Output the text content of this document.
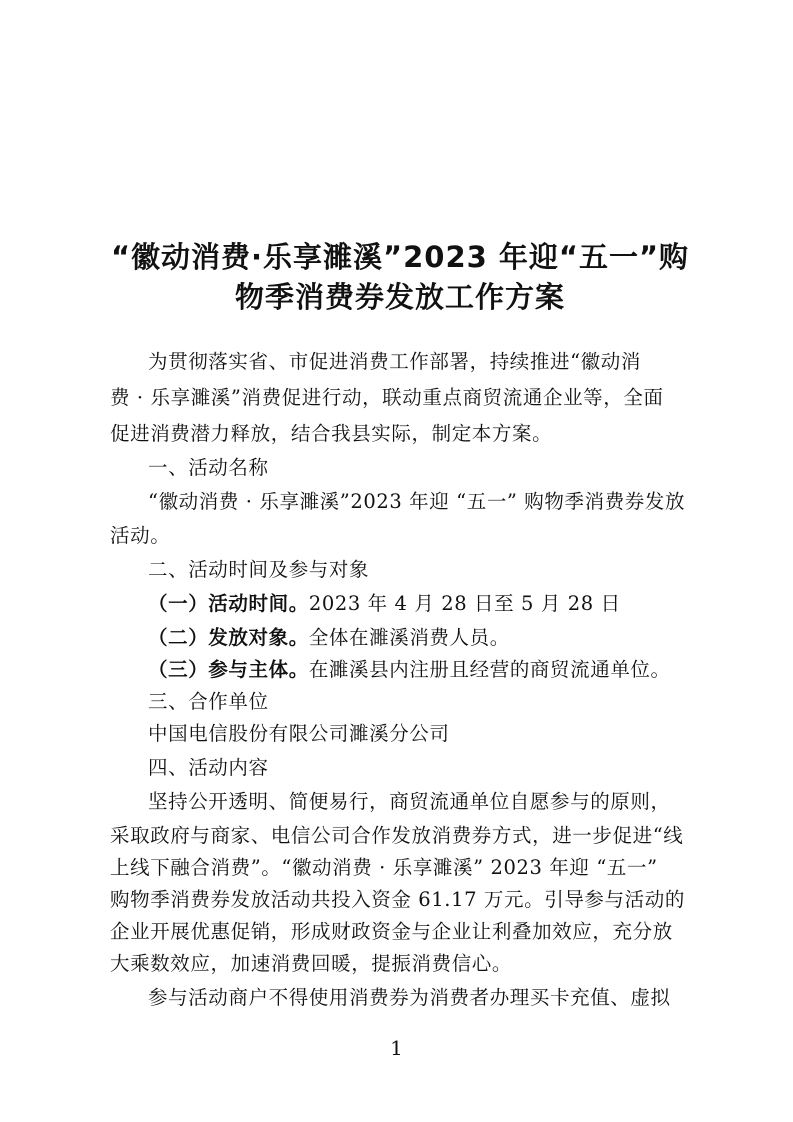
“徽动消费·乐享濉溪”2023 年迎“五一”购
物季消费券发放工作方案
为贯彻落实省、市促进消费工作部署，持续推进“徽动消
费 · 乐享濉溪”消费促进行动，联动重点商贸流通企业等，全面
促进消费潜力释放，结合我县实际，制定本方案。
一、活动名称
“徽动消费 · 乐享濉溪”2023 年迎 “五一” 购物季消费券发放
活动。
二、活动时间及参与对象
（一）活动时间。2023 年 4 月 28 日至 5 月 28 日
（二）发放对象。全体在濉溪消费人员。
（三）参与主体。在濉溪县内注册且经营的商贸流通单位。
三、合作单位
中国电信股份有限公司濉溪分公司
四、活动内容
坚持公开透明、简便易行，商贸流通单位自愿参与的原则，
采取政府与商家、电信公司合作发放消费券方式，进一步促进“线
上线下融合消费”。“徽动消费 · 乐享濉溪” 2023 年迎 “五一”
购物季消费券发放活动共投入资金 61.17 万元。引导参与活动的
企业开展优惠促销，形成财政资金与企业让利叠加效应，充分放
大乘数效应，加速消费回暖，提振消费信心。
参与活动商户不得使用消费券为消费者办理买卡充值、虚拟
1
